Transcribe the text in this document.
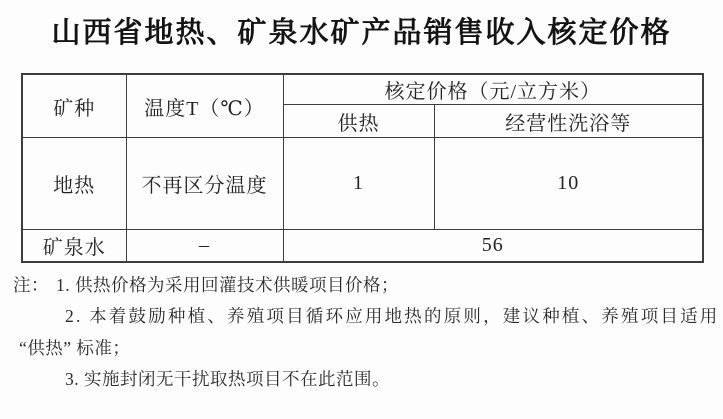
山西省地热、矿泉水矿产品销售收入核定价格
矿种	温度T（℃）	核定价格（元/立方米）	
		供热	经营性洗浴等
地热	不再区分温度	1	10
矿泉水	–	56	
注： 1. 供热价格为采用回灌技术供暖项目价格；
2. 本着鼓励种植、养殖项目循环应用地热的原则，建议种植、养殖项目适用
“供热” 标准；
3. 实施封闭无干扰取热项目不在此范围。
